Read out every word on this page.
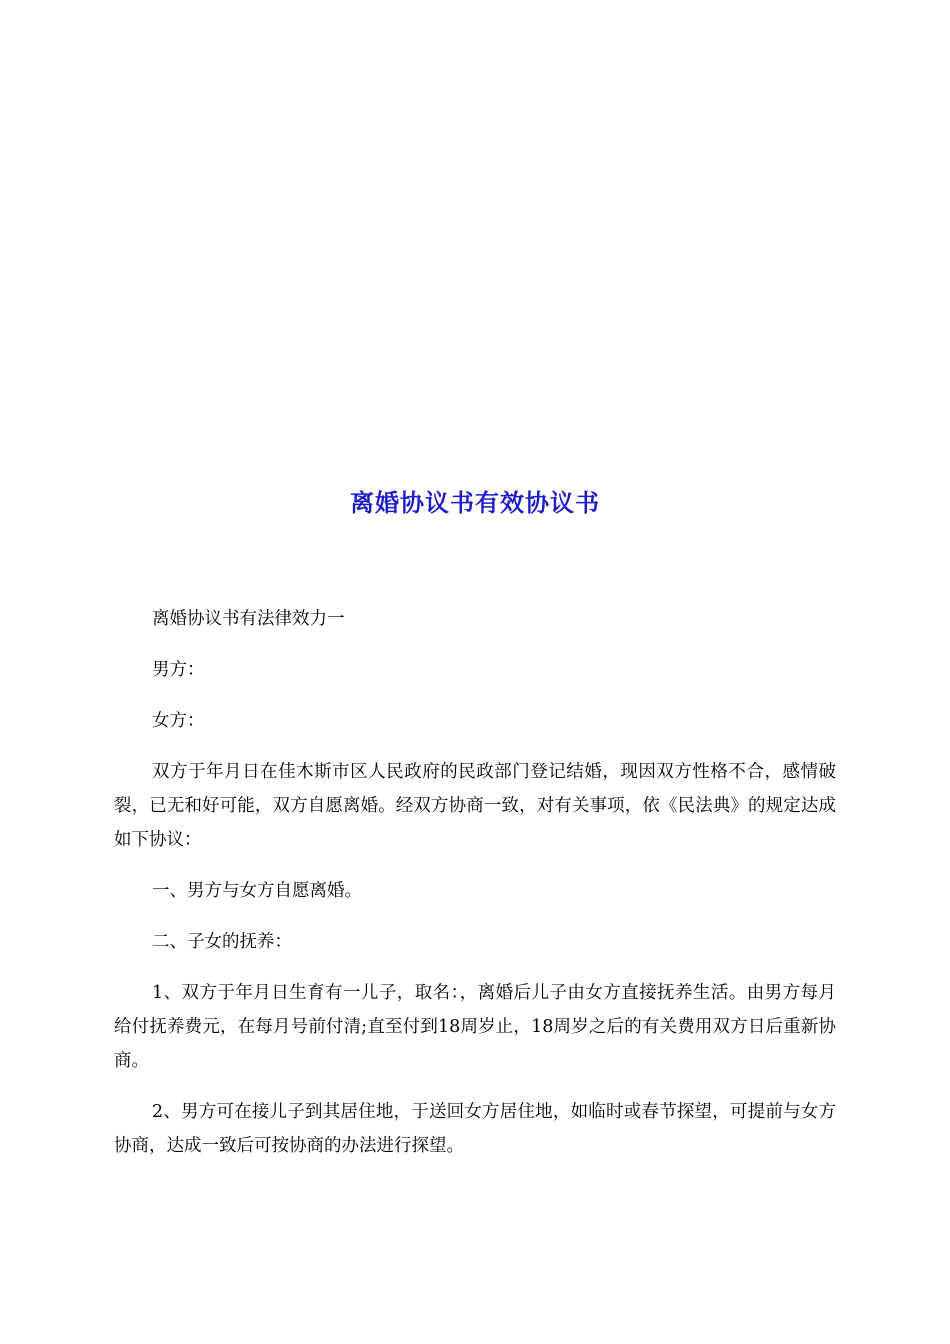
离婚协议书有效协议书

离婚协议书有法律效力一

男方：

女方：

双方于年月日在佳木斯市区人民政府的民政部门登记结婚，现因双方性格不合，感情破裂，已无和好可能，双方自愿离婚。经双方协商一致，对有关事项，依《民法典》的规定达成如下协议：

一、男方与女方自愿离婚。

二、子女的抚养：

1、双方于年月日生育有一儿子，取名：，离婚后儿子由女方直接抚养生活。由男方每月给付抚养费元，在每月号前付清;直至付到18周岁止，18周岁之后的有关费用双方日后重新协商。

2、男方可在接儿子到其居住地，于送回女方居住地，如临时或春节探望，可提前与女方协商，达成一致后可按协商的办法进行探望。
